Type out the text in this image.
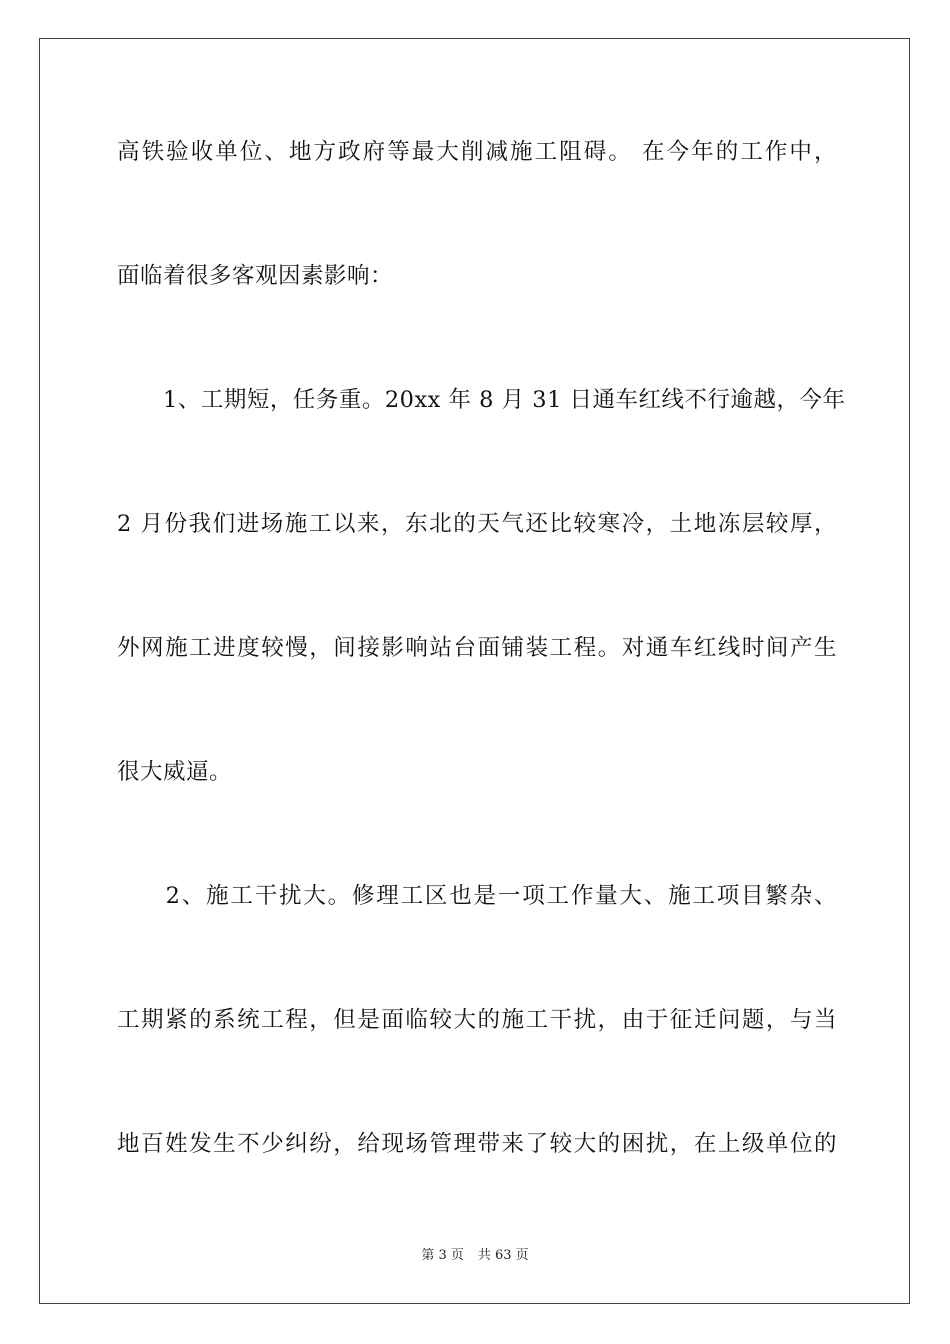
高铁验收单位、地方政府等最大削减施工阻碍。 在今年的工作中，
面临着很多客观因素影响：
　　1、工期短，任务重。20xx 年 8 月 31 日通车红线不行逾越，今年
2 月份我们进场施工以来，东北的天气还比较寒冷，土地冻层较厚，
外网施工进度较慢，间接影响站台面铺装工程。对通车红线时间产生
很大威逼。
　　2、施工干扰大。修理工区也是一项工作量大、施工项目繁杂、
工期紧的系统工程，但是面临较大的施工干扰，由于征迁问题，与当
地百姓发生不少纠纷，给现场管理带来了较大的困扰，在上级单位的
第 3 页 共 63 页
